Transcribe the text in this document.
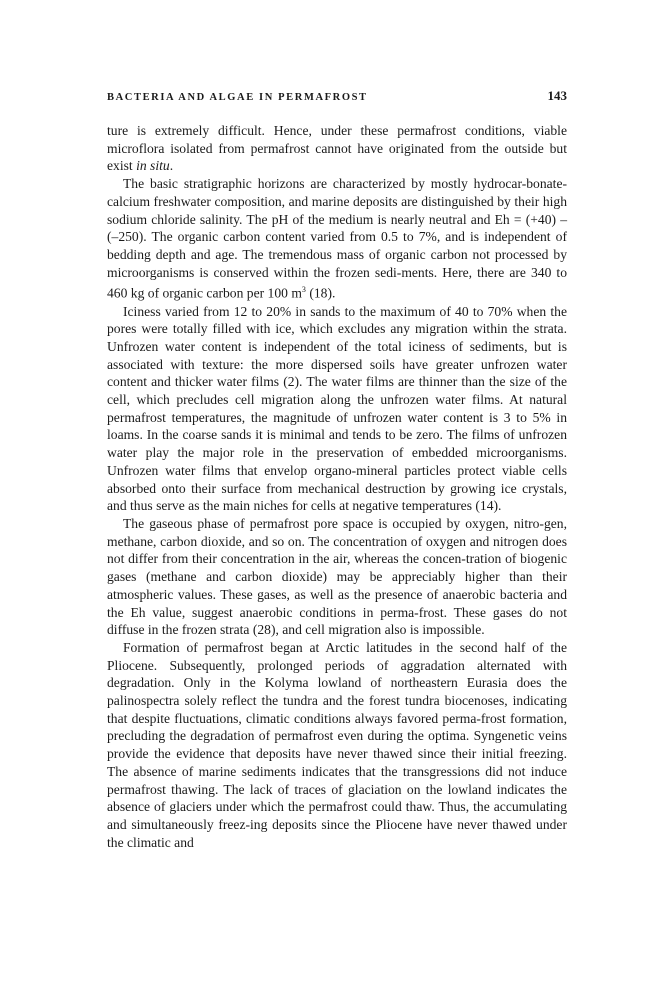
BACTERIA AND ALGAE IN PERMAFROST	143

ture is extremely difficult. Hence, under these permafrost conditions, viable microflora isolated from permafrost cannot have originated from the outside but exist in situ.

The basic stratigraphic horizons are characterized by mostly hydrocar-bonate-calcium freshwater composition, and marine deposits are distinguished by their high sodium chloride salinity. The pH of the medium is nearly neutral and Eh = (+40) – (–250). The organic carbon content varied from 0.5 to 7%, and is independent of bedding depth and age. The tremendous mass of organic carbon not processed by microorganisms is conserved within the frozen sedi-ments. Here, there are 340 to 460 kg of organic carbon per 100 $m^3$ (18).

Iciness varied from 12 to 20% in sands to the maximum of 40 to 70% when the pores were totally filled with ice, which excludes any migration within the strata. Unfrozen water content is independent of the total iciness of sediments, but is associated with texture: the more dispersed soils have greater unfrozen water content and thicker water films (2). The water films are thinner than the size of the cell, which precludes cell migration along the unfrozen water films. At natural permafrost temperatures, the magnitude of unfrozen water content is 3 to 5% in loams. In the coarse sands it is minimal and tends to be zero. The films of unfrozen water play the major role in the preservation of embedded microorganisms. Unfrozen water films that envelop organo-mineral particles protect viable cells absorbed onto their surface from mechanical destruction by growing ice crystals, and thus serve as the main niches for cells at negative temperatures (14).

The gaseous phase of permafrost pore space is occupied by oxygen, nitro-gen, methane, carbon dioxide, and so on. The concentration of oxygen and nitrogen does not differ from their concentration in the air, whereas the concen-tration of biogenic gases (methane and carbon dioxide) may be appreciably higher than their atmospheric values. These gases, as well as the presence of anaerobic bacteria and the Eh value, suggest anaerobic conditions in perma-frost. These gases do not diffuse in the frozen strata (28), and cell migration also is impossible.

Formation of permafrost began at Arctic latitudes in the second half of the Pliocene. Subsequently, prolonged periods of aggradation alternated with degradation. Only in the Kolyma lowland of northeastern Eurasia does the palinospectra solely reflect the tundra and the forest tundra biocenoses, indicating that despite fluctuations, climatic conditions always favored perma-frost formation, precluding the degradation of permafrost even during the optima. Syngenetic veins provide the evidence that deposits have never thawed since their initial freezing. The absence of marine sediments indicates that the transgressions did not induce permafrost thawing. The lack of traces of glaciation on the lowland indicates the absence of glaciers under which the permafrost could thaw. Thus, the accumulating and simultaneously freez-ing deposits since the Pliocene have never thawed under the climatic and
